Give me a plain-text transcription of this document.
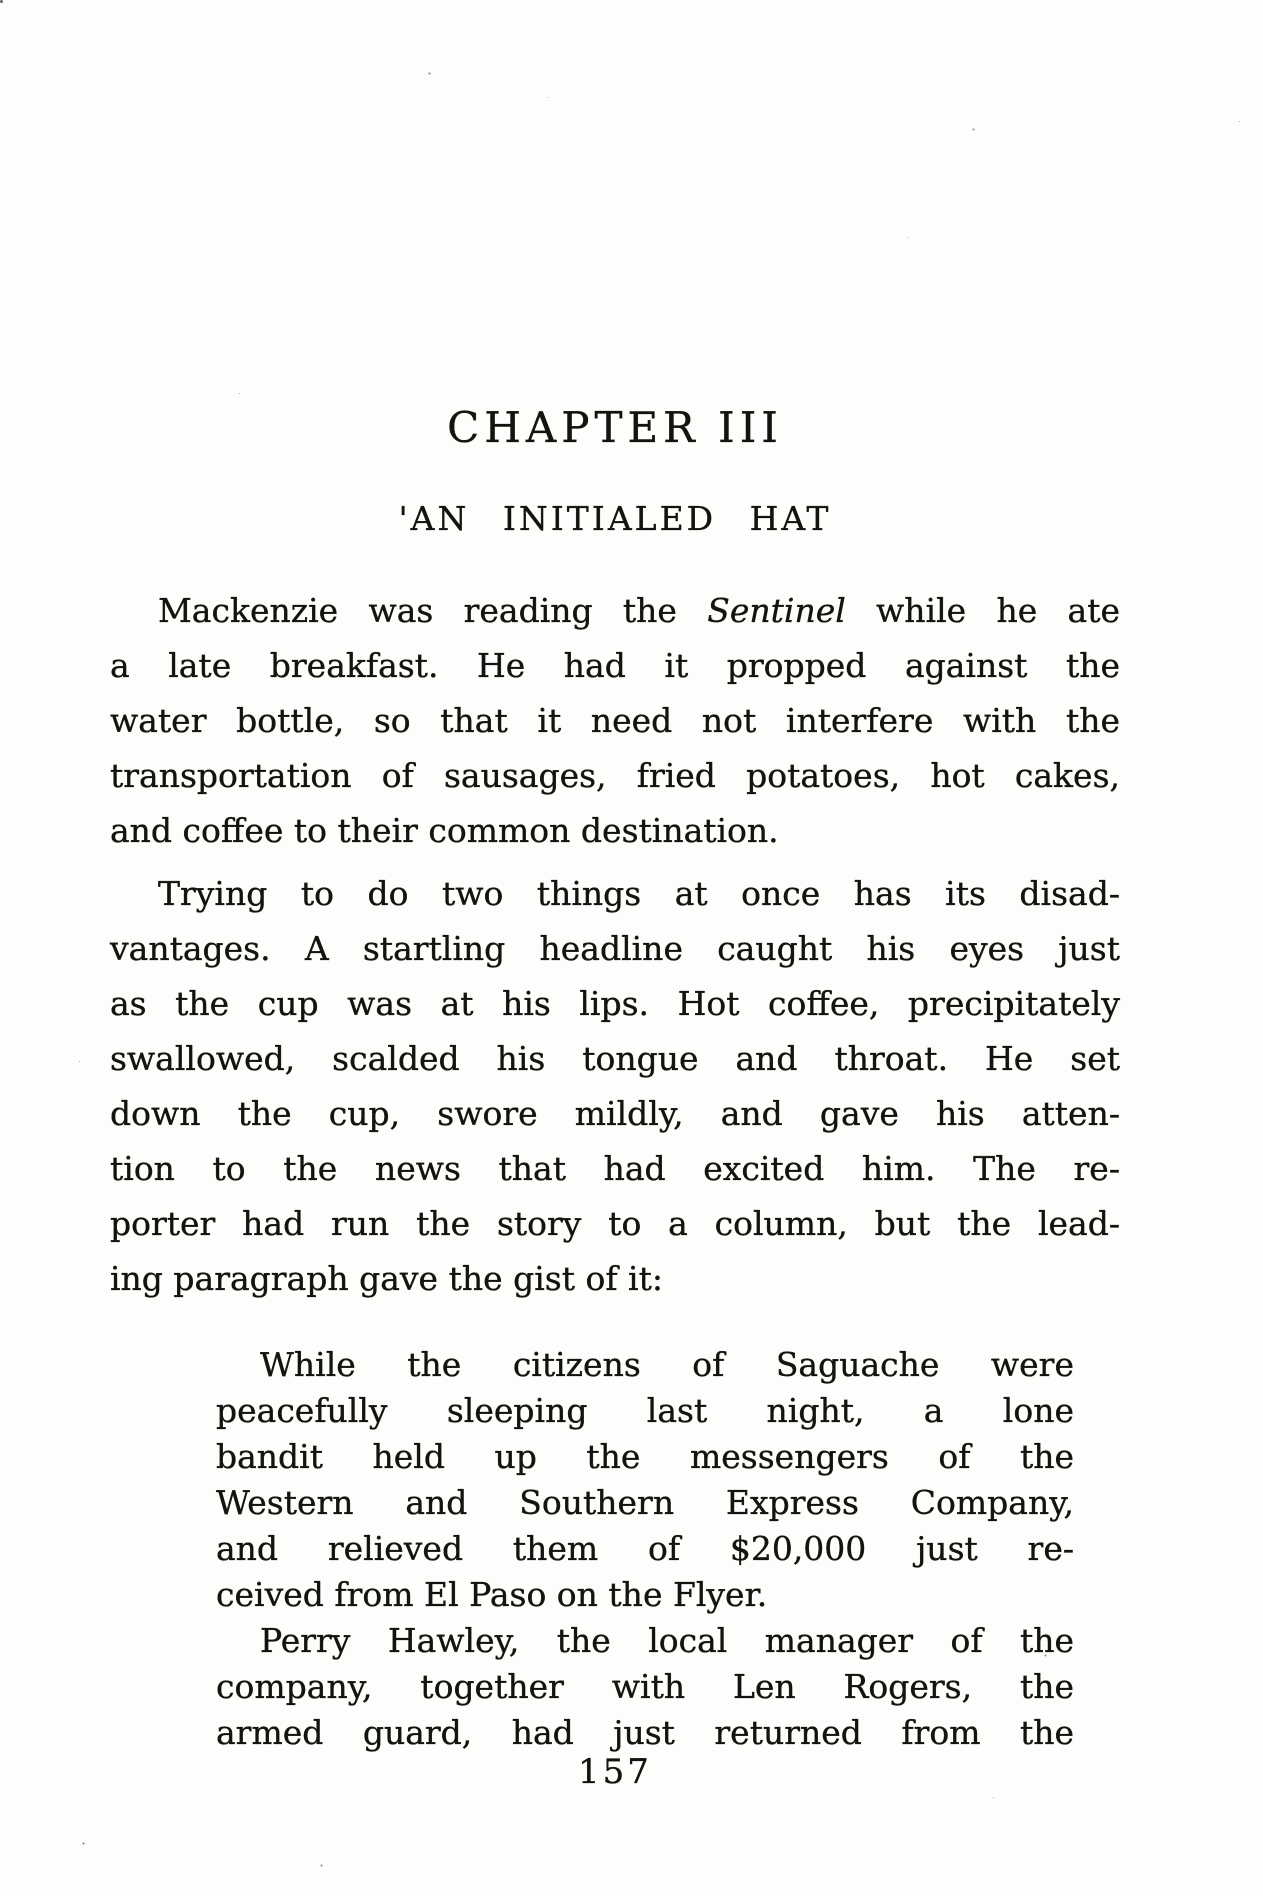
CHAPTER III
'AN INITIALED HAT
Mackenzie was reading the Sentinel while he ate
a late breakfast. He had it propped against the
water bottle, so that it need not interfere with the
transportation of sausages, fried potatoes, hot cakes,
and coffee to their common destination.
Trying to do two things at once has its disad-
vantages. A startling headline caught his eyes just
as the cup was at his lips. Hot coffee, precipitately
swallowed, scalded his tongue and throat. He set
down the cup, swore mildly, and gave his atten-
tion to the news that had excited him. The re-
porter had run the story to a column, but the lead-
ing paragraph gave the gist of it:
While the citizens of Saguache were
peacefully sleeping last night, a lone
bandit held up the messengers of the
Western and Southern Express Company,
and relieved them of $20,000 just re-
ceived from El Paso on the Flyer.
Perry Hawley, the local manager of the
company, together with Len Rogers, the
armed guard, had just returned from the
157
